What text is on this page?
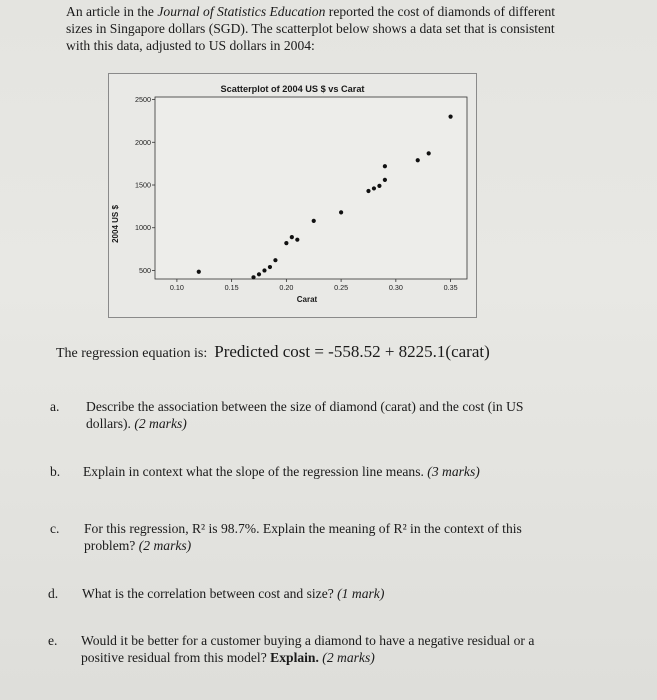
An article in the Journal of Statistics Education reported the cost of diamonds of different
sizes in Singapore dollars (SGD). The scatterplot below shows a data set that is consistent
with this data, adjusted to US dollars in 2004:
Scatterplot of 2004 US $ vs Carat
2004 US $
Carat
500
1000
1500
2000
2500
0.10	0.15	0.20	0.25	0.30	0.35
The regression equation is: Predicted cost = -558.52 + 8225.1(carat)
a. Describe the association between the size of diamond (carat) and the cost (in US
dollars). (2 marks)
b. Explain in context what the slope of the regression line means. (3 marks)
c. For this regression, R² is 98.7%. Explain the meaning of R² in the context of this
problem? (2 marks)
d. What is the correlation between cost and size? (1 mark)
e. Would it be better for a customer buying a diamond to have a negative residual or a
positive residual from this model? Explain. (2 marks)
